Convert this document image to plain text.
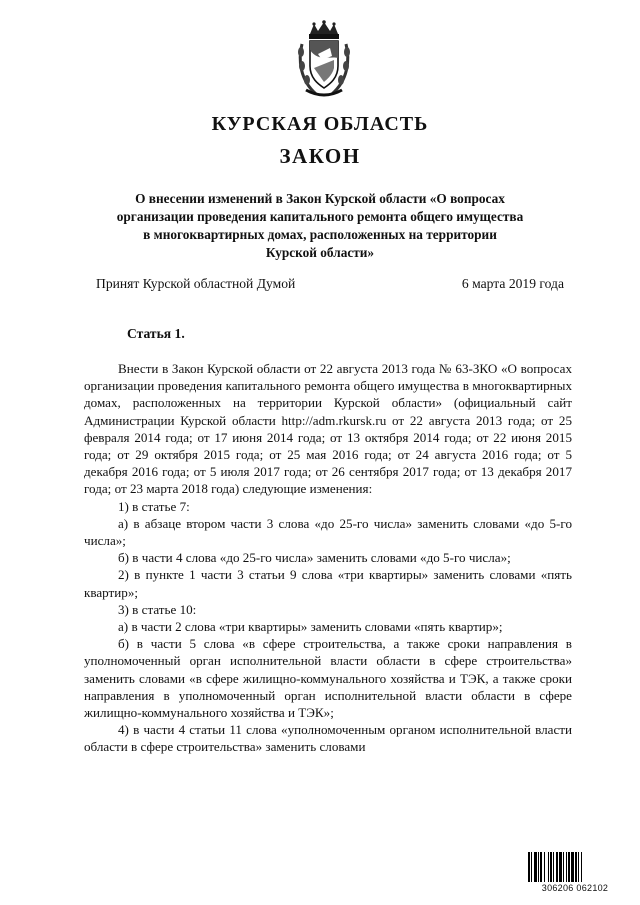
КУРСКАЯ ОБЛАСТЬ
ЗАКОН
О внесении изменений в Закон Курской области «О вопросах
организации проведения капитального ремонта общего имущества
в многоквартирных домах, расположенных на территории
Курской области»
Принят Курской областной Думой	6 марта 2019 года
Статья 1.

Внести в Закон Курской области от 22 августа 2013 года № 63-ЗКО «О вопросах организации проведения капитального ремонта общего имущества в многоквартирных домах, расположенных на территории Курской области» (официальный сайт Администрации Курской области http://adm.rkursk.ru от 22 августа 2013 года; от 25 февраля 2014 года; от 17 июня 2014 года; от 13 октября 2014 года; от 22 июня 2015 года; от 29 октября 2015 года; от 25 мая 2016 года; от 24 августа 2016 года; от 5 декабря 2016 года; от 5 июля 2017 года; от 26 сентября 2017 года; от 13 декабря 2017 года; от 23 марта 2018 года) следующие изменения:

1) в статье 7:

а) в абзаце втором части 3 слова «до 25-го числа» заменить словами «до 5-го числа»;

б) в части 4 слова «до 25-го числа» заменить словами «до 5-го числа»;

2) в пункте 1 части 3 статьи 9 слова «три квартиры» заменить словами «пять квартир»;

3) в статье 10:

а) в части 2 слова «три квартиры» заменить словами «пять квартир»;

б) в части 5 слова «в сфере строительства, а также сроки направления в уполномоченный орган исполнительной власти области в сфере строительства» заменить словами «в сфере жилищно-коммунального хозяйства и ТЭК, а также сроки направления в уполномоченный орган исполнительной власти области в сфере жилищно-коммунального хозяйства и ТЭК»;

4) в части 4 статьи 11 слова «уполномоченным органом исполнительной власти области в сфере строительства» заменить словами

306206 062102
